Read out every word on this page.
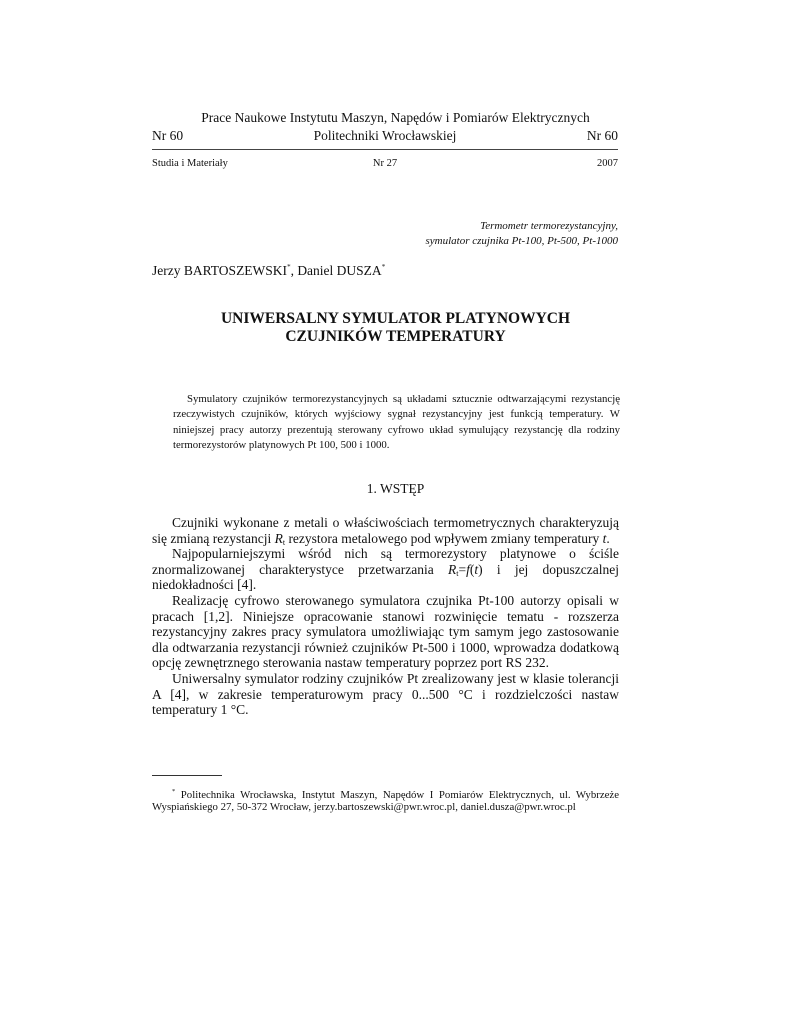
Prace Naukowe Instytutu Maszyn, Napędów i Pomiarów Elektrycznych
Nr 60	Politechniki Wrocławskiej	Nr 60
Studia i Materiały	Nr 27	2007
Termometr termorezystancyjny,
symulator czujnika Pt-100, Pt-500, Pt-1000
Jerzy BARTOSZEWSKI*, Daniel DUSZA*
UNIWERSALNY SYMULATOR PLATYNOWYCH
CZUJNIKÓW TEMPERATURY
Symulatory czujników termorezystancyjnych są układami sztucznie odtwarzającymi rezystancję
rzeczywistych czujników, których wyjściowy sygnał rezystancyjny jest funkcją temperatury. W
niniejszej pracy autorzy prezentują sterowany cyfrowo układ symulujący rezystancję dla rodziny
termorezystorów platynowych Pt 100, 500 i 1000.
1. WSTĘP
Czujniki wykonane z metali o właściwościach termometrycznych charakteryzują
się zmianą rezystancji $R_t$ rezystora metalowego pod wpływem zmiany temperatury t.
Najpopularniejszymi wśród nich są termorezystory platynowe o ściśle
znormalizowanej charakterystyce przetwarzania $R_t=f(t)$ i jej dopuszczalnej
niedokładności [4].
Realizację cyfrowo sterowanego symulatora czujnika Pt-100 autorzy opisali w
pracach [1,2]. Niniejsze opracowanie stanowi rozwinięcie tematu - rozszerza
rezystancyjny zakres pracy symulatora umożliwiając tym samym jego zastosowanie
dla odtwarzania rezystancji również czujników Pt-500 i 1000, wprowadza dodatkową
opcję zewnętrznego sterowania nastaw temperatury poprzez port RS 232.
Uniwersalny symulator rodziny czujników Pt zrealizowany jest w klasie tolerancji
A [4], w zakresie temperaturowym pracy 0...500 °C i rozdzielczości nastaw
temperatury 1 °C.
* Politechnika Wrocławska, Instytut Maszyn, Napędów I Pomiarów Elektrycznych, ul. Wybrzeże
Wyspiańskiego 27, 50-372 Wrocław, jerzy.bartoszewski@pwr.wroc.pl, daniel.dusza@pwr.wroc.pl
